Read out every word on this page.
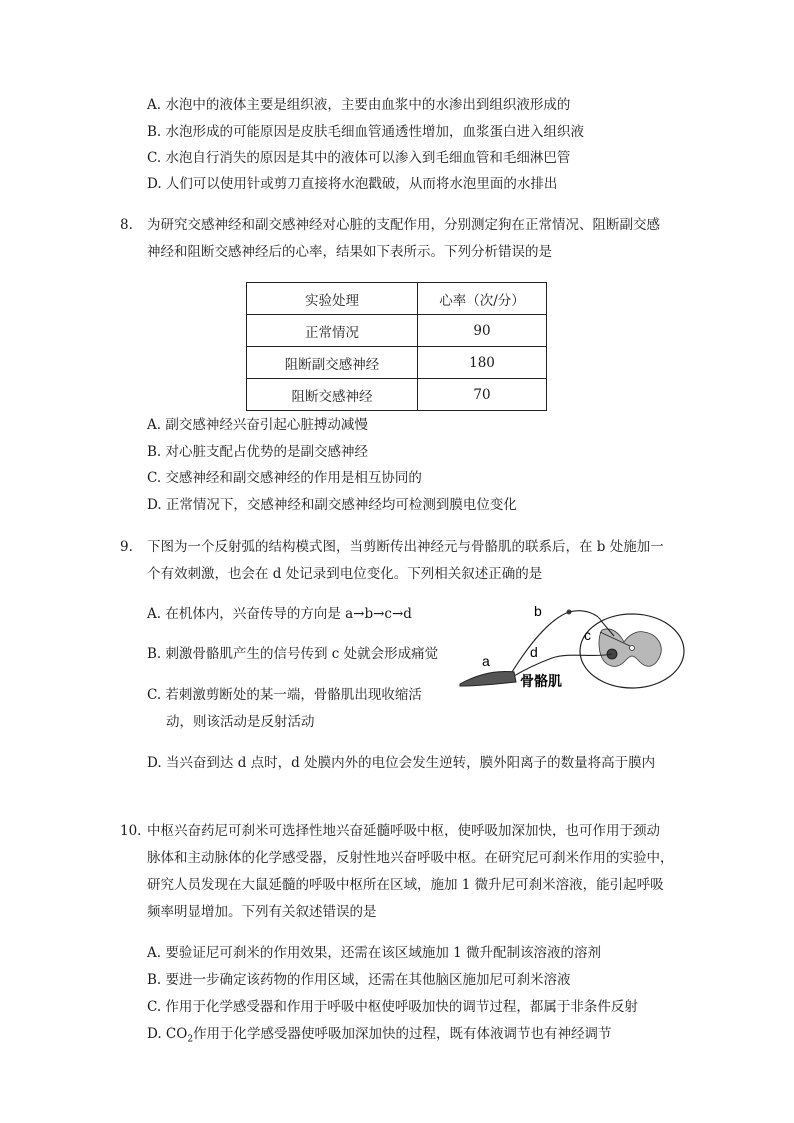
A. 水泡中的液体主要是组织液，主要由血浆中的水渗出到组织液形成的
B. 水泡形成的可能原因是皮肤毛细血管通透性增加，血浆蛋白进入组织液
C. 水泡自行消失的原因是其中的液体可以渗入到毛细血管和毛细淋巴管
D. 人们可以使用针或剪刀直接将水泡戳破，从而将水泡里面的水排出
8. 为研究交感神经和副交感神经对心脏的支配作用，分别测定狗在正常情况、阻断副交感
神经和阻断交感神经后的心率，结果如下表所示。下列分析错误的是
实验处理	心率（次/分）
正常情况	90
阻断副交感神经	180
阻断交感神经	70
A. 副交感神经兴奋引起心脏搏动减慢
B. 对心脏支配占优势的是副交感神经
C. 交感神经和副交感神经的作用是相互协同的
D. 正常情况下，交感神经和副交感神经均可检测到膜电位变化
9. 下图为一个反射弧的结构模式图，当剪断传出神经元与骨骼肌的联系后，在 b 处施加一
个有效刺激，也会在 d 处记录到电位变化。下列相关叙述正确的是
A. 在机体内，兴奋传导的方向是 a→b→c→d
B. 刺激骨骼肌产生的信号传到 c 处就会形成痛觉
C. 若刺激剪断处的某一端，骨骼肌出现收缩活
动，则该活动是反射活动
D. 当兴奋到达 d 点时，d 处膜内外的电位会发生逆转，膜外阳离子的数量将高于膜内
b
c
d
a
骨骼肌
10. 中枢兴奋药尼可刹米可选择性地兴奋延髓呼吸中枢，使呼吸加深加快，也可作用于颈动
脉体和主动脉体的化学感受器，反射性地兴奋呼吸中枢。在研究尼可刹米作用的实验中，
研究人员发现在大鼠延髓的呼吸中枢所在区域，施加 1 微升尼可刹米溶液，能引起呼吸
频率明显增加。下列有关叙述错误的是
A. 要验证尼可刹米的作用效果，还需在该区域施加 1 微升配制该溶液的溶剂
B. 要进一步确定该药物的作用区域，还需在其他脑区施加尼可刹米溶液
C. 作用于化学感受器和作用于呼吸中枢使呼吸加快的调节过程，都属于非条件反射
D. $CO_2$作用于化学感受器使呼吸加深加快的过程，既有体液调节也有神经调节
